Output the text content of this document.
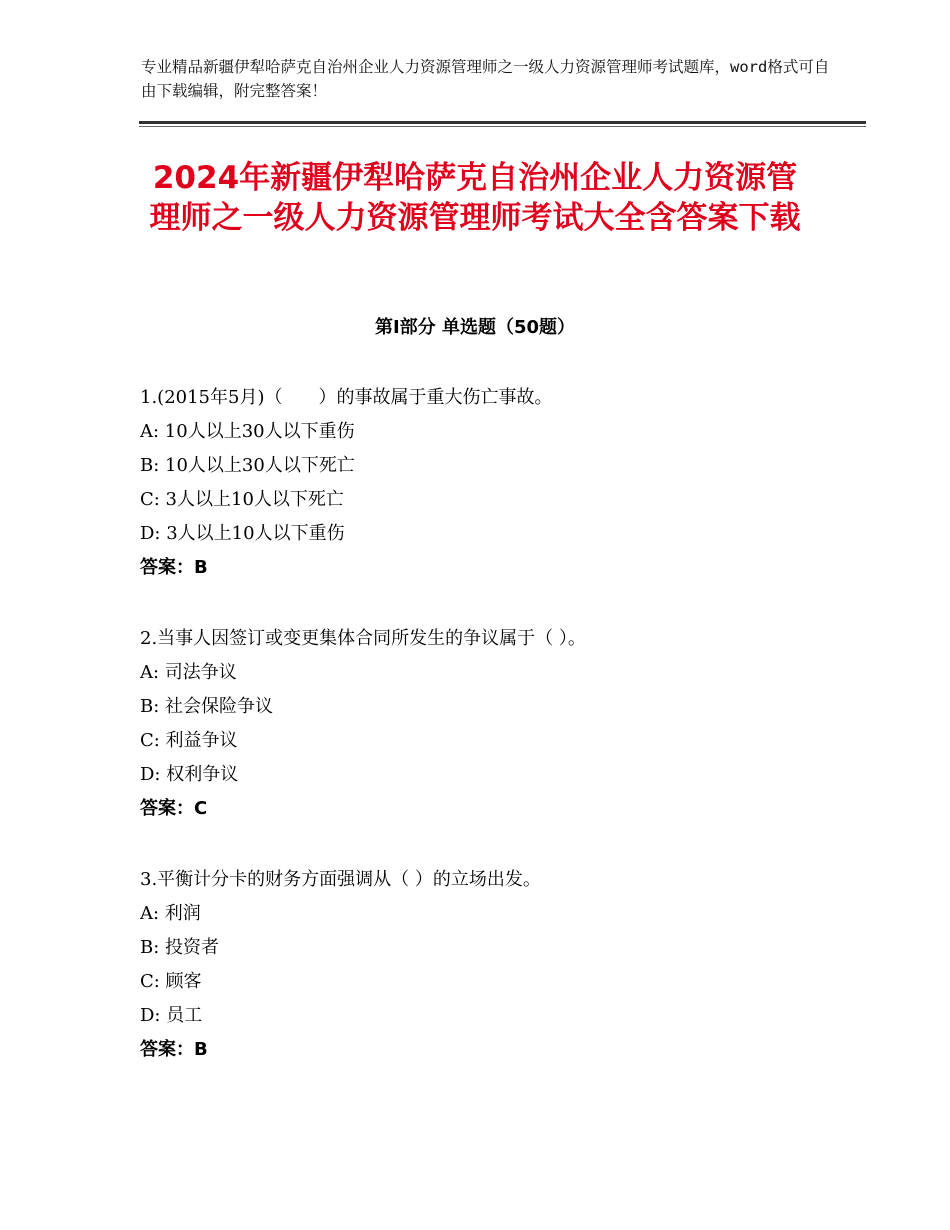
专业精品新疆伊犁哈萨克自治州企业人力资源管理师之一级人力资源管理师考试题库，word格式可自由下载编辑，附完整答案！
2024年新疆伊犁哈萨克自治州企业人力资源管理师之一级人力资源管理师考试大全含答案下载
第Ⅰ部分 单选题（50题）
1.(2015年5月)（　　）的事故属于重大伤亡事故。
A: 10人以上30人以下重伤
B: 10人以上30人以下死亡
C: 3人以上10人以下死亡
D: 3人以上10人以下重伤
答案：B
2.当事人因签订或变更集体合同所发生的争议属于（ ）。
A: 司法争议
B: 社会保险争议
C: 利益争议
D: 权利争议
答案：C
3.平衡计分卡的财务方面强调从（ ）的立场出发。
A: 利润
B: 投资者
C: 顾客
D: 员工
答案：B
